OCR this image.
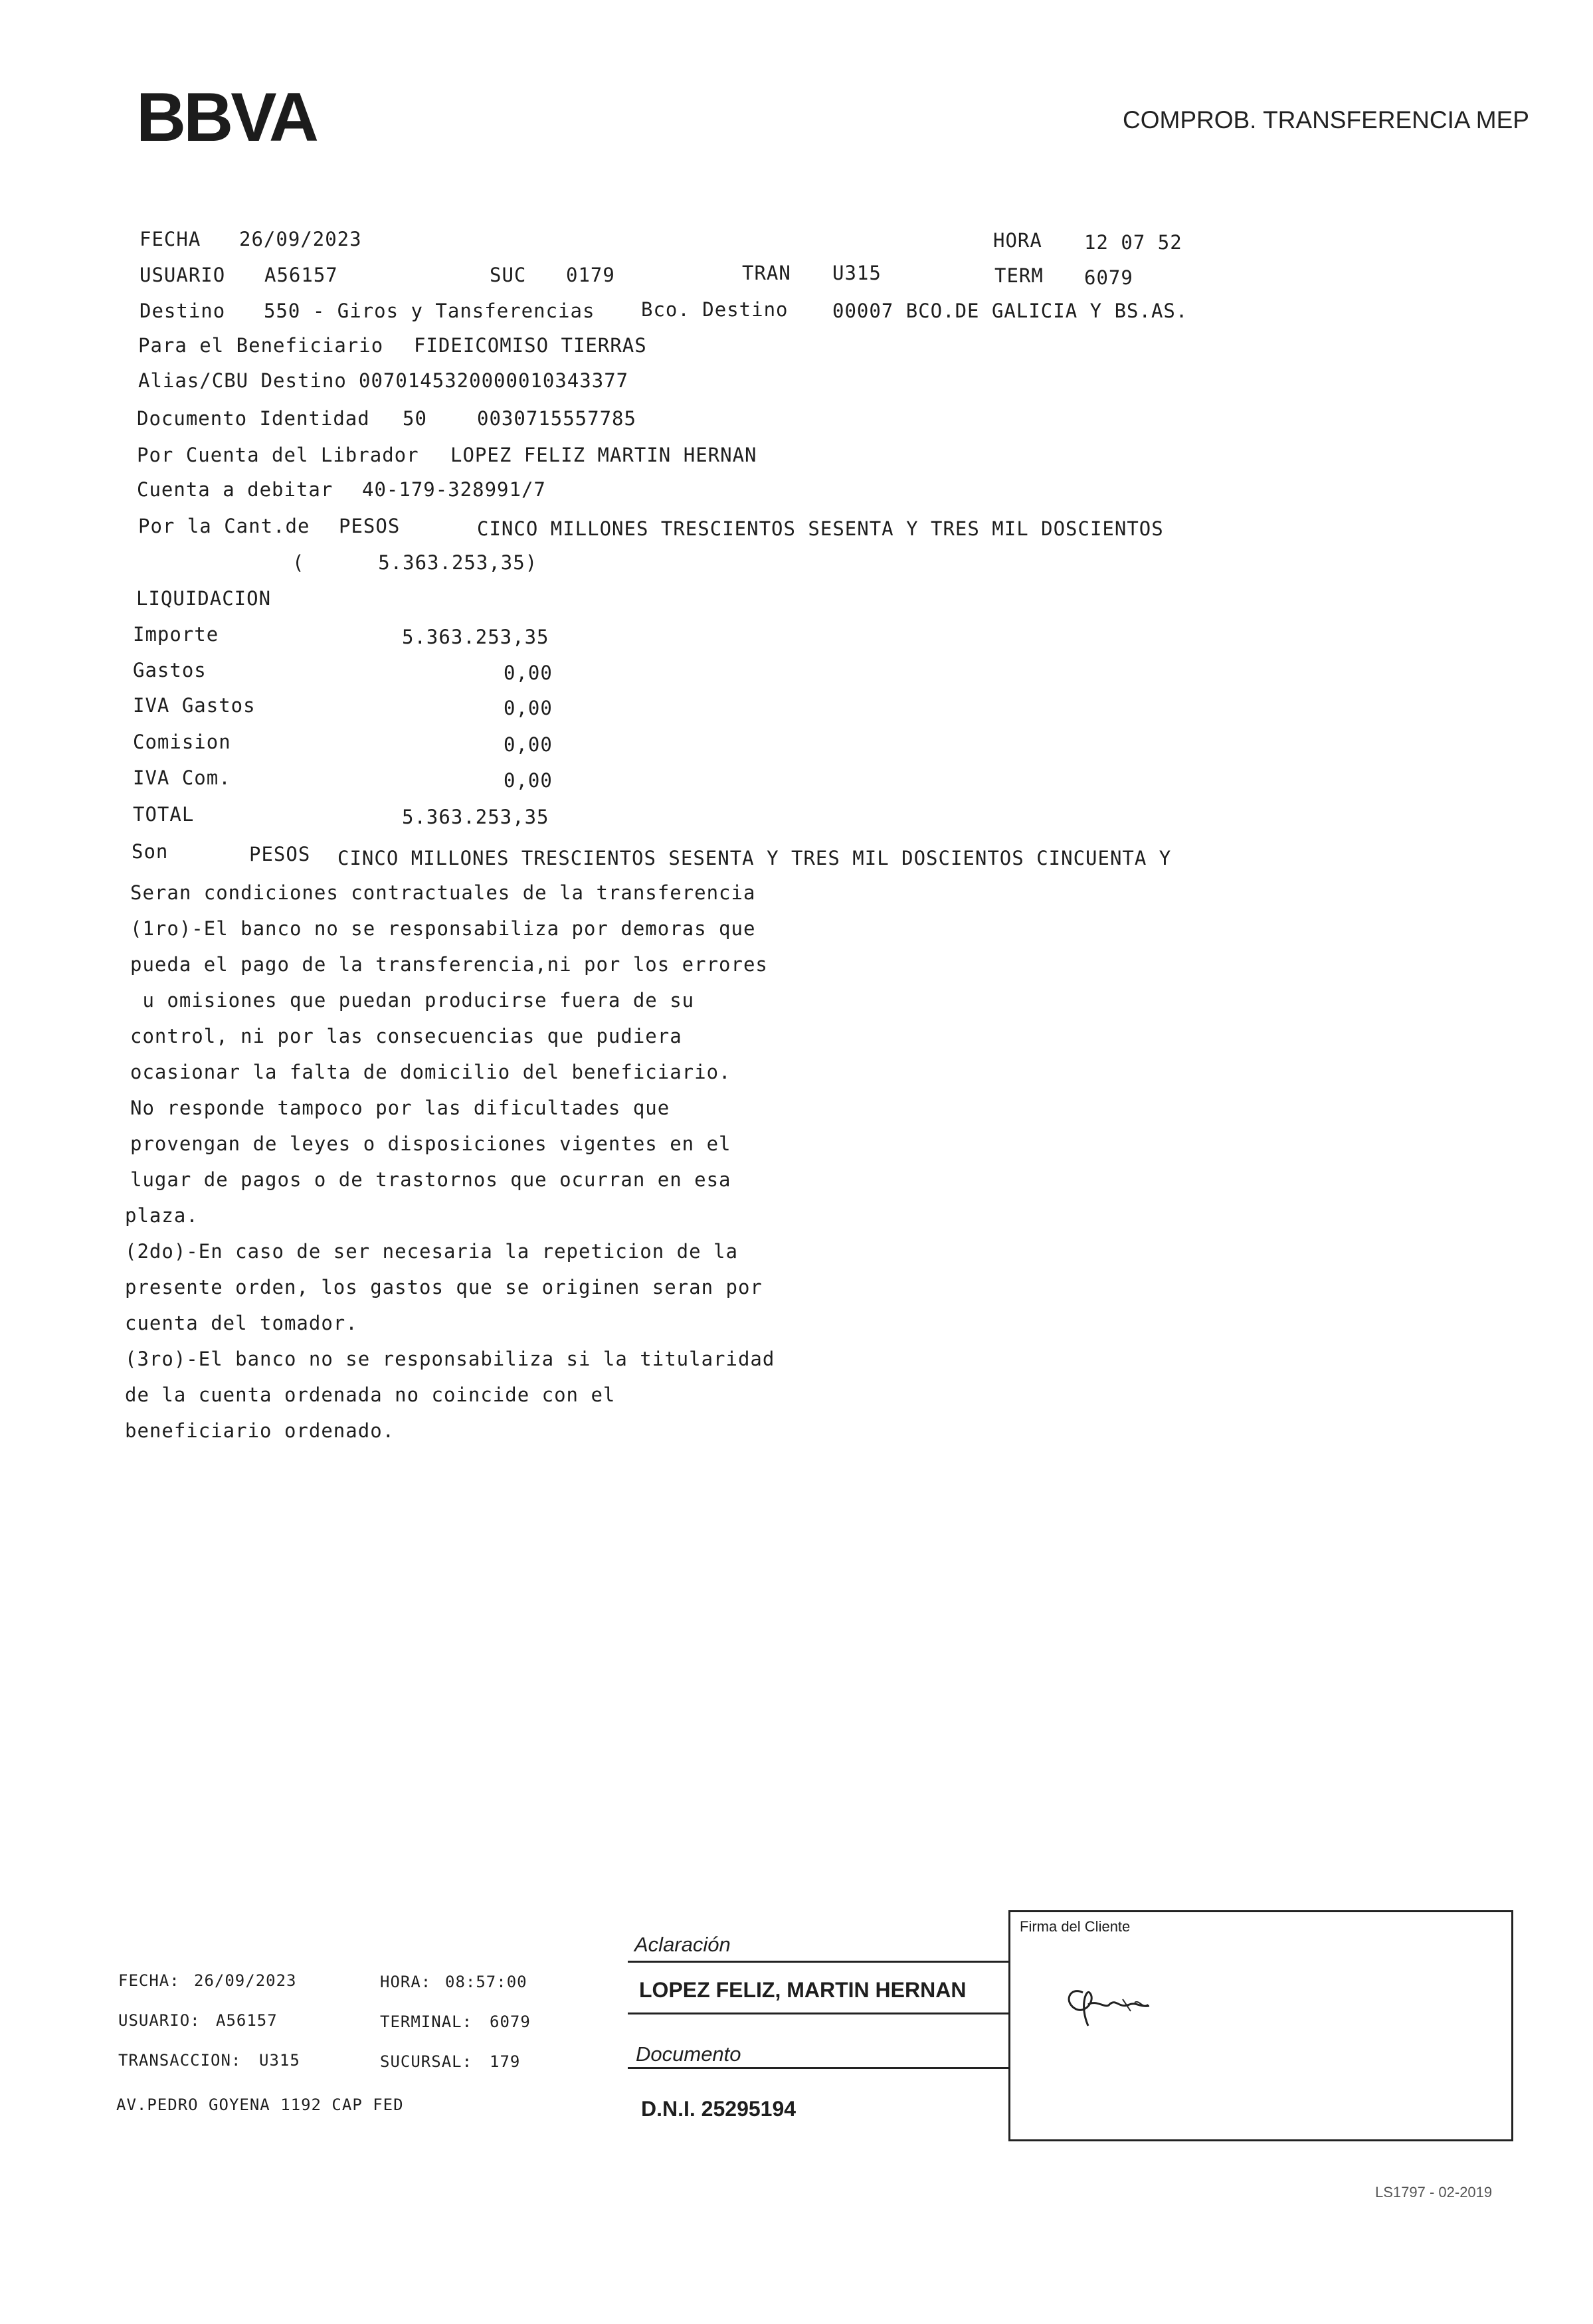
BBVA	COMPROB. TRANSFERENCIA MEP
FECHA 26/09/2023	HORA 12 07 52
USUARIO A56157	SUC 0179	TRAN U315	TERM 6079
Destino 550 - Giros y Tansferencias Bco. Destino 00007 BCO.DE GALICIA Y BS.AS.
Para el Beneficiario FIDEICOMISO TIERRAS
Alias/CBU Destino 0070145320000010343377
Documento Identidad 50	0030715557785
Por Cuenta del Librador LOPEZ FELIZ MARTIN HERNAN
Cuenta a debitar 40-179-328991/7
Por la Cant.de PESOS	CINCO MILLONES TRESCIENTOS SESENTA Y TRES MIL DOSCIENTOS
(      5.363.253,35)
LIQUIDACION
Importe	5.363.253,35
Gastos	0,00
IVA Gastos	0,00
Comision	0,00
IVA Com.	0,00
TOTAL	5.363.253,35
Son	PESOS CINCO MILLONES TRESCIENTOS SESENTA Y TRES MIL DOSCIENTOS CINCUENTA Y
Seran condiciones contractuales de la transferencia
(1ro)-El banco no se responsabiliza por demoras que
pueda el pago de la transferencia,ni por los errores
u omisiones que puedan producirse fuera de su
control, ni por las consecuencias que pudiera
ocasionar la falta de domicilio del beneficiario.
No responde tampoco por las dificultades que
provengan de leyes o disposiciones vigentes en el
lugar de pagos o de trastornos que ocurran en esa
plaza.
(2do)-En caso de ser necesaria la repeticion de la
presente orden, los gastos que se originen seran por
cuenta del tomador.
(3ro)-El banco no se responsabiliza si la titularidad
de la cuenta ordenada no coincide con el
beneficiario ordenado.
FECHA: 26/09/2023	HORA: 08:57:00
USUARIO: A56157	TERMINAL: 6079
TRANSACCION: U315	SUCURSAL: 179
AV.PEDRO GOYENA 1192 CAP FED
Aclaración
LOPEZ FELIZ, MARTIN HERNAN
Documento
D.N.I. 25295194
Firma del Cliente
LS1797 - 02-2019
